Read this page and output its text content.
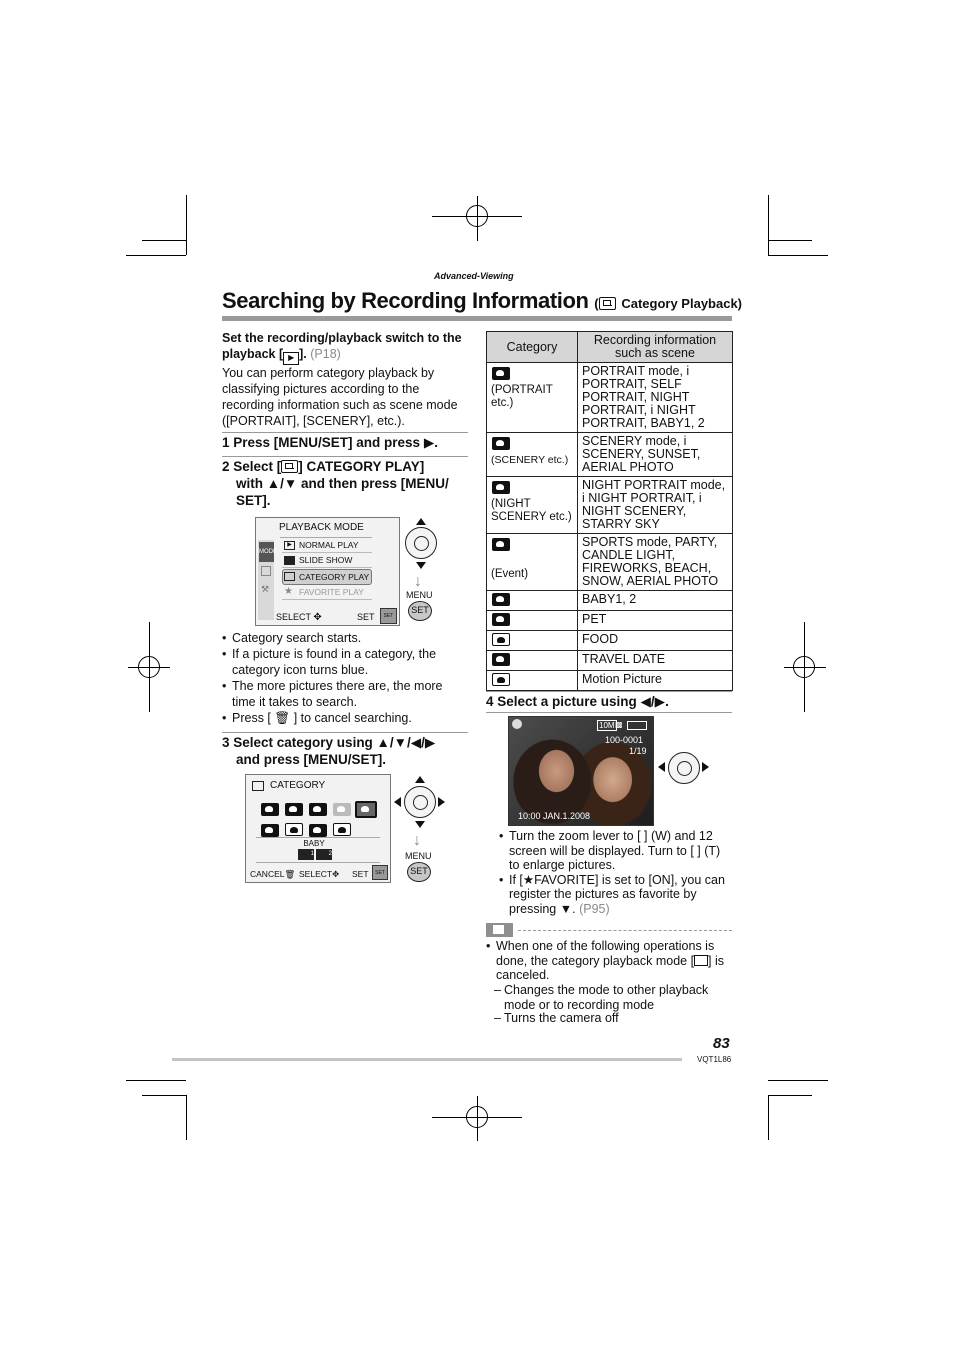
Advanced-Viewing
Searching by Recording Information ( Category Playback)
Set the recording/playback switch to the playback [ ▶ ]. (P18)
You can perform category playback by classifying pictures according to the recording information such as scene mode ([PORTRAIT], [SCENERY], etc.).
1 Press [MENU/SET] and press ▶.
2 Select [ ] CATEGORY PLAY]
with ▲/▼ and then press [MENU/
SET].
MODE
⚒
PLAYBACK MODE
▶ NORMAL PLAY
SLIDE SHOW
CATEGORY PLAY
★ FAVORITE PLAY
SELECT ✥	SET	SET
↓
MENU
SET
• Category search starts.
• If a picture is found in a category, the category icon turns blue.
• The more pictures there are, the more time it takes to search.
• Press [ 🗑 ] to cancel searching.
3 Select category using ▲/▼/◀/▶
and press [MENU/SET].
CATEGORY
BABY
1	2
CANCEL🗑 SELECT✥ SET	SET
↓
MENU
SET
Category	Recording information such as scene

(PORTRAIT etc.)	PORTRAIT mode, i PORTRAIT, SELF PORTRAIT, NIGHT PORTRAIT, i NIGHT PORTRAIT, BABY1, 2

(SCENERY etc.)	SCENERY mode, i SCENERY, SUNSET, AERIAL PHOTO

(NIGHT SCENERY etc.)	NIGHT PORTRAIT mode, i NIGHT PORTRAIT, i NIGHT SCENERY, STARRY SKY

(Event)	SPORTS mode, PARTY, CANDLE LIGHT, FIREWORKS, BEACH, SNOW, AERIAL PHOTO
	BABY1, 2
	PET
	FOOD
	TRAVEL DATE
	Motion Picture
4 Select a picture using ◀/▶.
10M ▩
100-0001
1/19
10:00 JAN.1.2008
• Turn the zoom lever to [ ] (W) and 12 screen will be displayed. Turn to [ ] (T) to enlarge pictures.
• If [★FAVORITE] is set to [ON], you can register the pictures as favorite by pressing ▼. (P95)
• When one of the following operations is done, the category playback mode [ ] is canceled.
– Changes the mode to other playback mode or to recording mode
– Turns the camera off
83
VQT1L86
